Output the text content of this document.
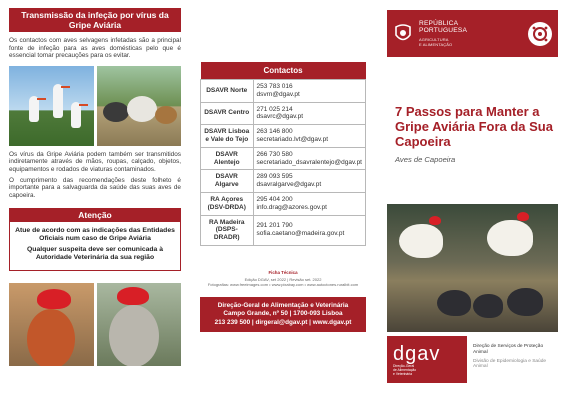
Transmissão da infeção por vírus da Gripe Aviária

Os contactos com aves selvagens infetadas são a principal fonte de infeção para as aves domésticas pelo que é essencial tomar precauções para os evitar.

Os vírus da Gripe Aviária podem também ser transmitidos indiretamente através de mãos, roupas, calçado, objetos, equipamentos e rodados de viaturas contaminados.

O cumprimento das recomendações deste folheto é importante para a salvaguarda da saúde das suas aves de capoeira.

Atenção

Atue de acordo com as indicações das Entidades Oficiais num caso de Gripe Aviária

Qualquer suspeita deve ser comunicada à Autoridade Veterinária da sua região

Contactos	
DSAVR Norte	253 783 016
dsvrn@dgav.pt
DSAVR Centro	271 025 214
dsavrc@dgav.pt
DSAVR Lisboa e Vale do Tejo	263 146 800
secretariado.lvt@dgav.pt
DSAVR Alentejo	266 730 580
secretariado_dsavralentejo@dgav.pt
DSAVR Algarve	289 093 595
dsavralgarve@dgav.pt
RA Açores (DSV-DRDA)	295 404 200
info.drag@azores.gov.pt
RA Madeira (DSPS-DRADR)	291 201 790
sofia.caetano@madeira.gov.pt
Ficha Técnica
Edição DGAV, set 2022 | Revisão set. 2022
Fotografias: www.freeimages.com • www.pixabay.com • www.autoctones.ruralbit.com
Direção-Geral de Alimentação e Veterinária
Campo Grande, nº 50 | 1700-093 Lisboa
213 239 500 | dirgeral@dgav.pt | www.dgav.pt
REPÚBLICA
PORTUGUESA
AGRICULTURA
E ALIMENTAÇÃO
7 Passos para Manter a Gripe Aviária Fora da Sua Capoeira
Aves de Capoeira
dgav
Direção-Geral
de Alimentação
e Veterinária
Direção de Serviços de Proteção Animal
Divisão de Epidemiologia e Saúde Animal
